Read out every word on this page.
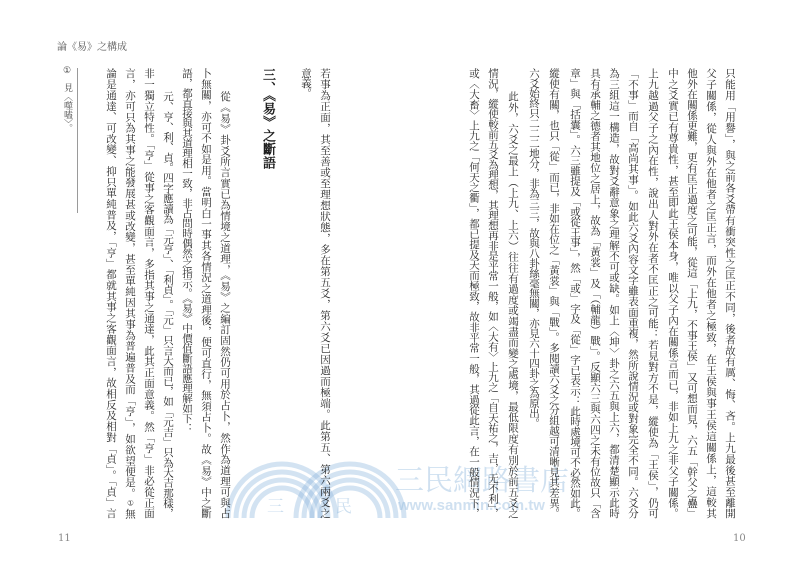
三	民
三民網路書店
www.sanmin.com.tw
論《易》之構成
若事為正面，其至善或至理想狀態，多在第五爻，第六爻已因過而極端。此第五、第六兩爻之
意義。
三、《易》之斷語
從《易》卦爻所言實已為情境之道理，《易》之編訂固然仍可用於占卜，然作為道理可與占
卜無關，亦可不如是用。當明白一事其各情況之道理後，便可直行，無須占卜。故《易》中之斷
語，都直接與其道理相一致，非占問時偶然之指示。《易》中價值斷語應理解如下：
元、亨、利、貞。四字應讀為「元亨」、「利貞」。「元」只言大而已，如「元吉」只為大吉那樣，
非一獨立特性。「亨」從事之客觀面言，多指其事之通達，此其正面意義。然「亨」非必從正面
言，亦可只為其事之能發展甚或改變，甚至單純因其事為普遍普及而「亨」，如欲望便是。①無
論是通達、可改變、抑只單純普及，「亨」都就其事之客觀面言，故相反及相對「貞」。「貞」言
①
見〈噬嗑〉。
11
只能用「用譽」，與之前各爻帶有衝突性之匡正不同，後者故有厲、悔、吝。上九最後甚至離開
父子關係，從人與外在他者之匡正言，而外在他者之極致，在王侯與事王侯這關係上，這較其
他外在關係更難，更有匡正過度之可能，從這「上九，不事王侯」又可想而見，六五「幹父之蠱」
中之爻實已有尊貴性，甚至即此王侯本身，唯以父子內在關係言而已，非如上九之非父子關係。
上九越過父子之內在性，說出人對外在者不匡正之可能：若見對方不是，縱使為「王侯」，仍可
「不事」而自「高尚其事」。如此六爻內容文字雖表面重複，然所說情況或對象完全不同。六爻分
為三組這一構造，故對爻辭意象之理解不可或缺。如上〈坤〉卦之六五與上六，都清楚顯示此時
具有承輔之德者其地位之居上，故為「黃裳」及「（輔龍）戰」。反顯六三與六四之未有位故只「含
章」與「括囊」。六三雖提及「或從王事」，然「或」字及「從」字已表示：此時處境可不必然如此。
縱使有關，也只「從」而已，非如在位之「黃裳」與「戰」。多閱讀六爻之分組越可清晰見其差異。
六爻始終只二二二地分，非為三三，故與八卦絲毫無關，亦見六十四卦之為原出。
此外，六爻之最上（上九、上六）往往有過度或竭盡而變之處境，最低限度有別於前五爻之
情況，縱使較前五爻為理想，其理想再非是平常一般，如〈大有〉上九之「自天祐之，吉，无不利」，
或〈大畜〉上九之「何天之衢」，都已提及天而極致，故非平常一般，其過從此言，在一般情況下，
10
